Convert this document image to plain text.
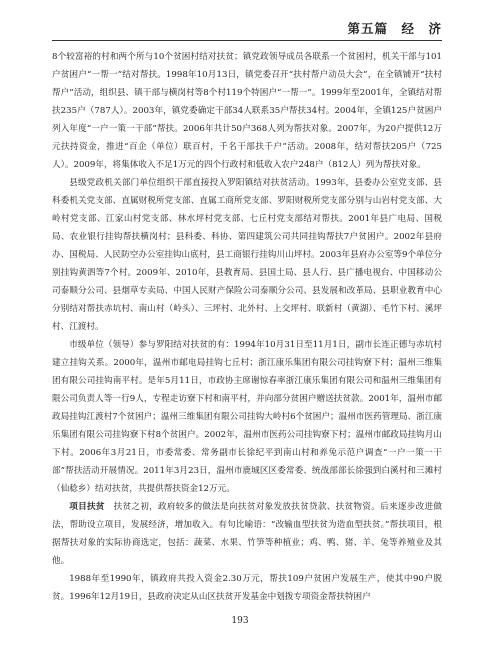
第五篇　经　济

8个较富裕的村和两个所与10个贫困村结对扶贫；镇党政领导成员各联系一个贫困村，机关干部与101户贫困户“一帮一”结对帮扶。1998年10月13日，镇党委召开“扶村帮户动员大会”，在全镇铺开“扶村帮户”活动，组织县、镇干部与横岗村等8个村119个特困户“一帮一”。1999年至2001年，全镇结对帮扶235户（787人）。2003年，镇党委确定干部34人联系35户帮扶34村。2004年，全镇125户贫困户列入年度“一户一策一干部”帮扶。2006年共计50户368人列为帮扶对象。2007年，为20户提供12万元扶持资金，推进“百企（单位）联百村，千名干部扶千户”活动。2008年，结对帮扶205户（725人）。2009年，将集体收入不足1万元的四个行政村和低收入农户248户（812人）列为帮扶对象。

县级党政机关部门单位组织干部直接投入罗阳镇结对扶贫活动。1993年，县委办公室党支部、县科委机关党支部、直属财税所党支部、直属工商所党支部、罗阳财税所党支部分别与山岩村党支部、大岭村党支部、江家山村党支部、林水坪村党支部、七丘村党支部结对帮扶。2001年县广电局、国税局、农业银行挂钩帮扶横岗村；县科委、科协、第四建筑公司共同挂钩帮扶7户贫困户。2002年县府办、国税局、人民防空办公室挂钩山底村，县工商银行挂钩川山坪村。2003年县府办公室等9个单位分别挂钩黄泗等7个村。2009年、2010年，县教育局、县国土局、县人行、县广播电视台、中国移动公司泰顺分公司、县烟草专卖局、中国人民财产保险公司泰顺分公司、县发展和改革局、县职业教育中心分别结对帮扶赤坑村、南山村（岭头）、三坪村、北外村、上交坪村、联新村（黄湖）、毛竹下村、溪坪村、江渡村。

市级单位（领导）参与罗阳结对扶贫的有：1994年10月31日至11月1日，副市长连正德与赤坑村建立挂钩关系。2000年，温州市邮电局挂钩七丘村；浙江康乐集团有限公司挂钩寮下村；温州三维集团有限公司挂钩南平村。是年5月11日，市政协主席谢惊春率浙江康乐集团有限公司和温州三维集团有限公司负责人等一行9人，专程走访寮下村和南平村，并向部分贫困户赠送扶贫款。2001年，温州市邮政局挂钩江渡村7个贫困户；温州三维集团有限公司挂钩大岭村6个贫困户；温州市医药管理局、浙江康乐集团有限公司挂钩寮下村8个贫困户。2002年，温州市医药公司挂钩寮下村；温州市邮政局挂钩月山下村。2006年3月21日，市委常委、常务副市长徐纪平到南山村和养兔示范户调查“一户一策一干部”帮扶活动开展情况。2011年3月23日，温州市鹿城区区委常委、统战部部长徐强到白溪村和三滩村（仙稔乡）结对扶贫，共提供帮扶资金12万元。

项目扶贫　 扶贫之初，政府较多的做法是向扶贫对象发放扶贫贷款、扶贫物资。后来逐步改进做法，帮助设立项目，发展经济，增加收入。有句比喻语：“改输血型扶贫为造血型扶贫。”帮扶项目，根据帮扶对象的实际协商选定，包括：蔬菜、水果、竹笋等种植业；鸡、鸭、猪、羊、兔等养殖业及其他。

1988年至1990年，镇政府共投入资金2.30万元，帮扶109户贫困户发展生产，使其中90户脱贫。1996年12月19日，县政府决定从山区扶贫开发基金中划拨专项资金帮扶特困户

193
